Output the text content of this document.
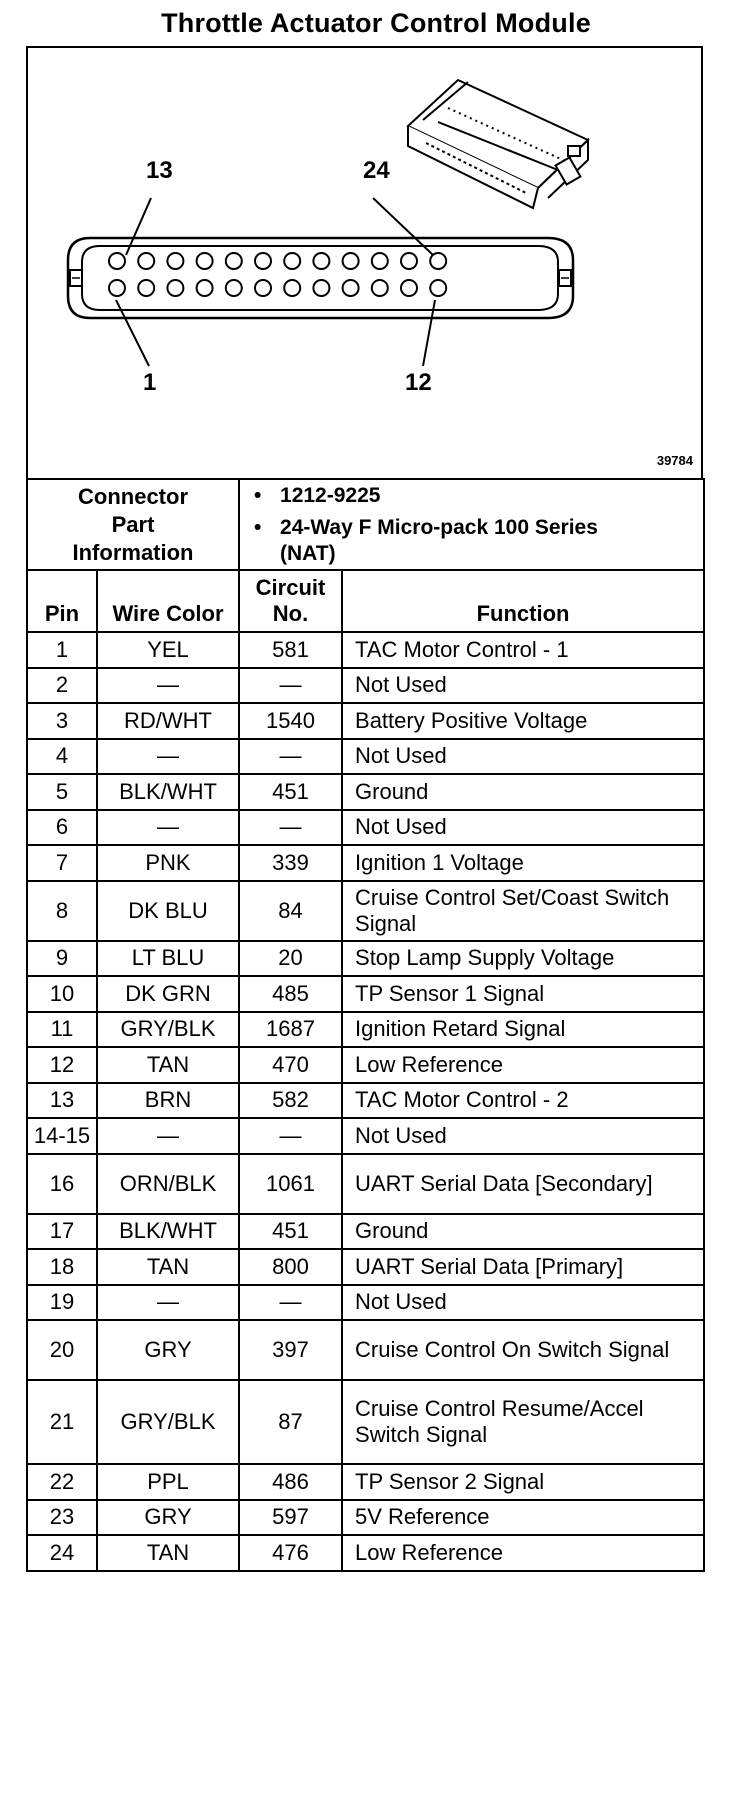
Throttle Actuator Control Module
13	24
1	12
39784
Connector Part Information		• 1212-9225
• 24-Way F Micro-pack 100 Series (NAT)	

Pin	Wire Color	Circuit No.	Function
1	YEL	581	TAC Motor Control - 1
2	—	—	Not Used
3	RD/WHT	1540	Battery Positive Voltage
4	—	—	Not Used
5	BLK/WHT	451	Ground
6	—	—	Not Used
7	PNK	339	Ignition 1 Voltage
8	DK BLU	84	Cruise Control Set/Coast Switch Signal
9	LT BLU	20	Stop Lamp Supply Voltage
10	DK GRN	485	TP Sensor 1 Signal
11	GRY/BLK	1687	Ignition Retard Signal
12	TAN	470	Low Reference
13	BRN	582	TAC Motor Control - 2
14-15	—	—	Not Used
16	ORN/BLK	1061	UART Serial Data [Secondary]
17	BLK/WHT	451	Ground
18	TAN	800	UART Serial Data [Primary]
19	—	—	Not Used
20	GRY	397	Cruise Control On Switch Signal
21	GRY/BLK	87	Cruise Control Resume/Accel Switch Signal
22	PPL	486	TP Sensor 2 Signal
23	GRY	597	5V Reference
24	TAN	476	Low Reference
